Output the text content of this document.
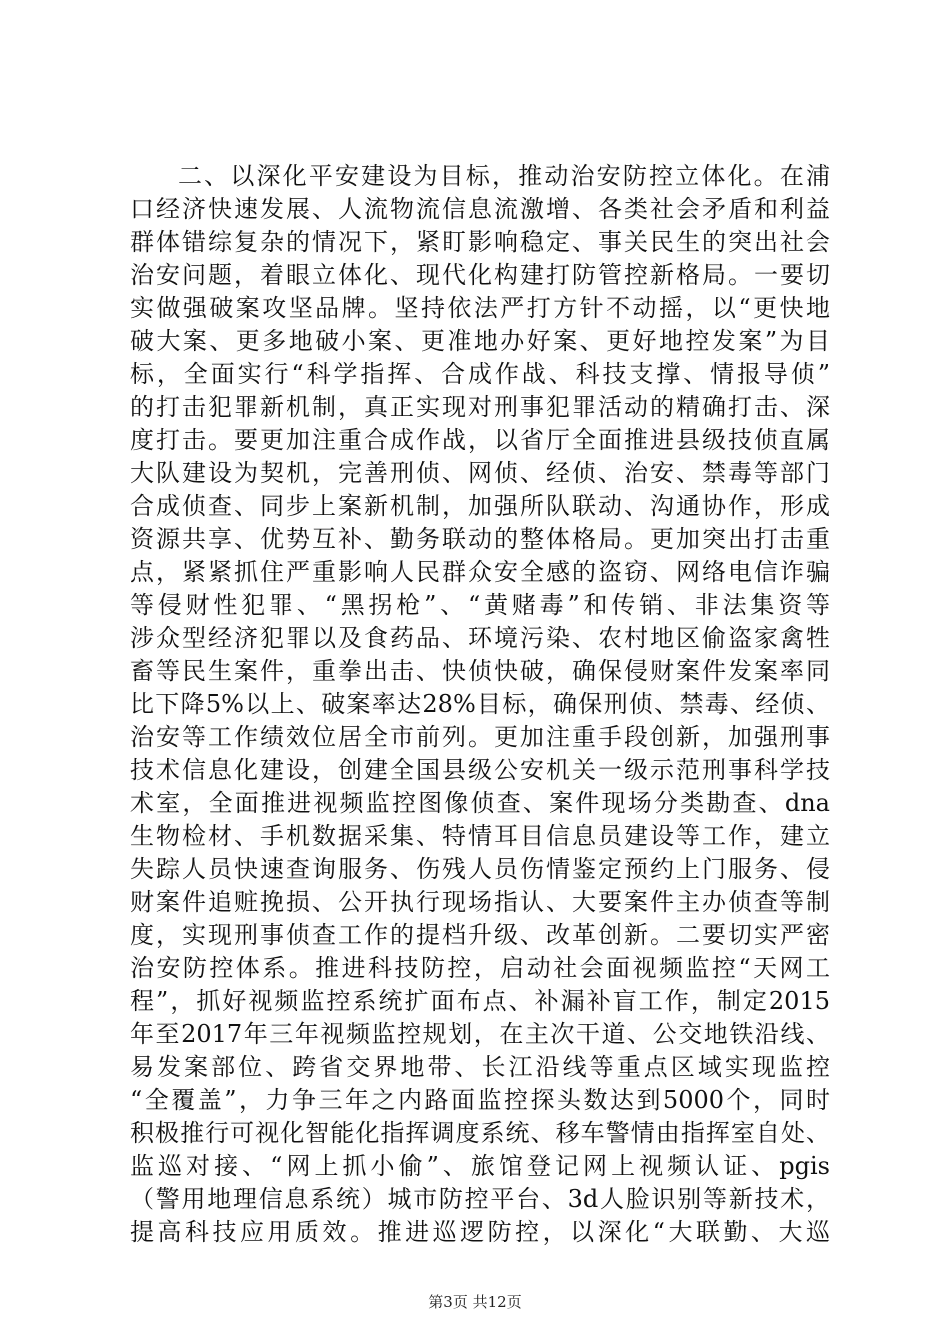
二、以深化平安建设为目标，推动治安防控立体化。在浦
口经济快速发展、人流物流信息流激增、各类社会矛盾和利益
群体错综复杂的情况下，紧盯影响稳定、事关民生的突出社会
治安问题，着眼立体化、现代化构建打防管控新格局。一要切
实做强破案攻坚品牌。坚持依法严打方针不动摇，以“更快地
破大案、更多地破小案、更准地办好案、更好地控发案”为目
标，全面实行“科学指挥、合成作战、科技支撑、情报导侦”
的打击犯罪新机制，真正实现对刑事犯罪活动的精确打击、深
度打击。要更加注重合成作战，以省厅全面推进县级技侦直属
大队建设为契机，完善刑侦、网侦、经侦、治安、禁毒等部门
合成侦查、同步上案新机制，加强所队联动、沟通协作，形成
资源共享、优势互补、勤务联动的整体格局。更加突出打击重
点，紧紧抓住严重影响人民群众安全感的盗窃、网络电信诈骗
等侵财性犯罪、“黑拐枪”、“黄赌毒”和传销、非法集资等
涉众型经济犯罪以及食药品、环境污染、农村地区偷盗家禽牲
畜等民生案件，重拳出击、快侦快破，确保侵财案件发案率同
比下降5%以上、破案率达28%目标，确保刑侦、禁毒、经侦、
治安等工作绩效位居全市前列。更加注重手段创新，加强刑事
技术信息化建设，创建全国县级公安机关一级示范刑事科学技
术室，全面推进视频监控图像侦查、案件现场分类勘查、dna
生物检材、手机数据采集、特情耳目信息员建设等工作，建立
失踪人员快速查询服务、伤残人员伤情鉴定预约上门服务、侵
财案件追赃挽损、公开执行现场指认、大要案件主办侦查等制
度，实现刑事侦查工作的提档升级、改革创新。二要切实严密
治安防控体系。推进科技防控，启动社会面视频监控“天网工
程”，抓好视频监控系统扩面布点、补漏补盲工作，制定2015
年至2017年三年视频监控规划，在主次干道、公交地铁沿线、
易发案部位、跨省交界地带、长江沿线等重点区域实现监控
“全覆盖”，力争三年之内路面监控探头数达到5000个，同时
积极推行可视化智能化指挥调度系统、移车警情由指挥室自处、
监巡对接、“网上抓小偷”、旅馆登记网上视频认证、pgis
（警用地理信息系统）城市防控平台、3d人脸识别等新技术，
提高科技应用质效。推进巡逻防控，以深化“大联勤、大巡
第3页 共12页
